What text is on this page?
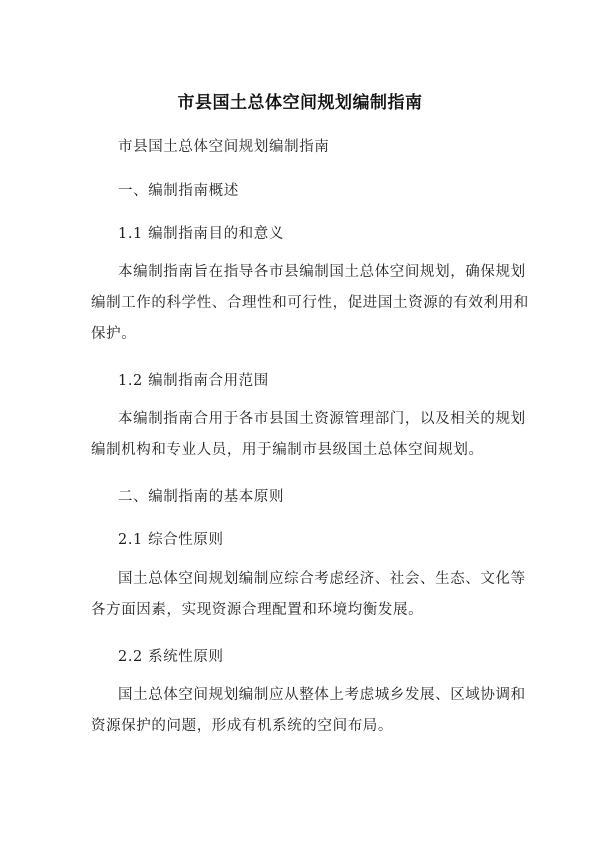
市县国土总体空间规划编制指南
市县国土总体空间规划编制指南
一、编制指南概述
1.1 编制指南目的和意义
本编制指南旨在指导各市县编制国土总体空间规划，确保规划
编制工作的科学性、合理性和可行性，促进国土资源的有效利用和
保护。
1.2 编制指南合用范围
本编制指南合用于各市县国土资源管理部门，以及相关的规划
编制机构和专业人员，用于编制市县级国土总体空间规划。
二、编制指南的基本原则
2.1 综合性原则
国土总体空间规划编制应综合考虑经济、社会、生态、文化等
各方面因素，实现资源合理配置和环境均衡发展。
2.2 系统性原则
国土总体空间规划编制应从整体上考虑城乡发展、区域协调和
资源保护的问题，形成有机系统的空间布局。
